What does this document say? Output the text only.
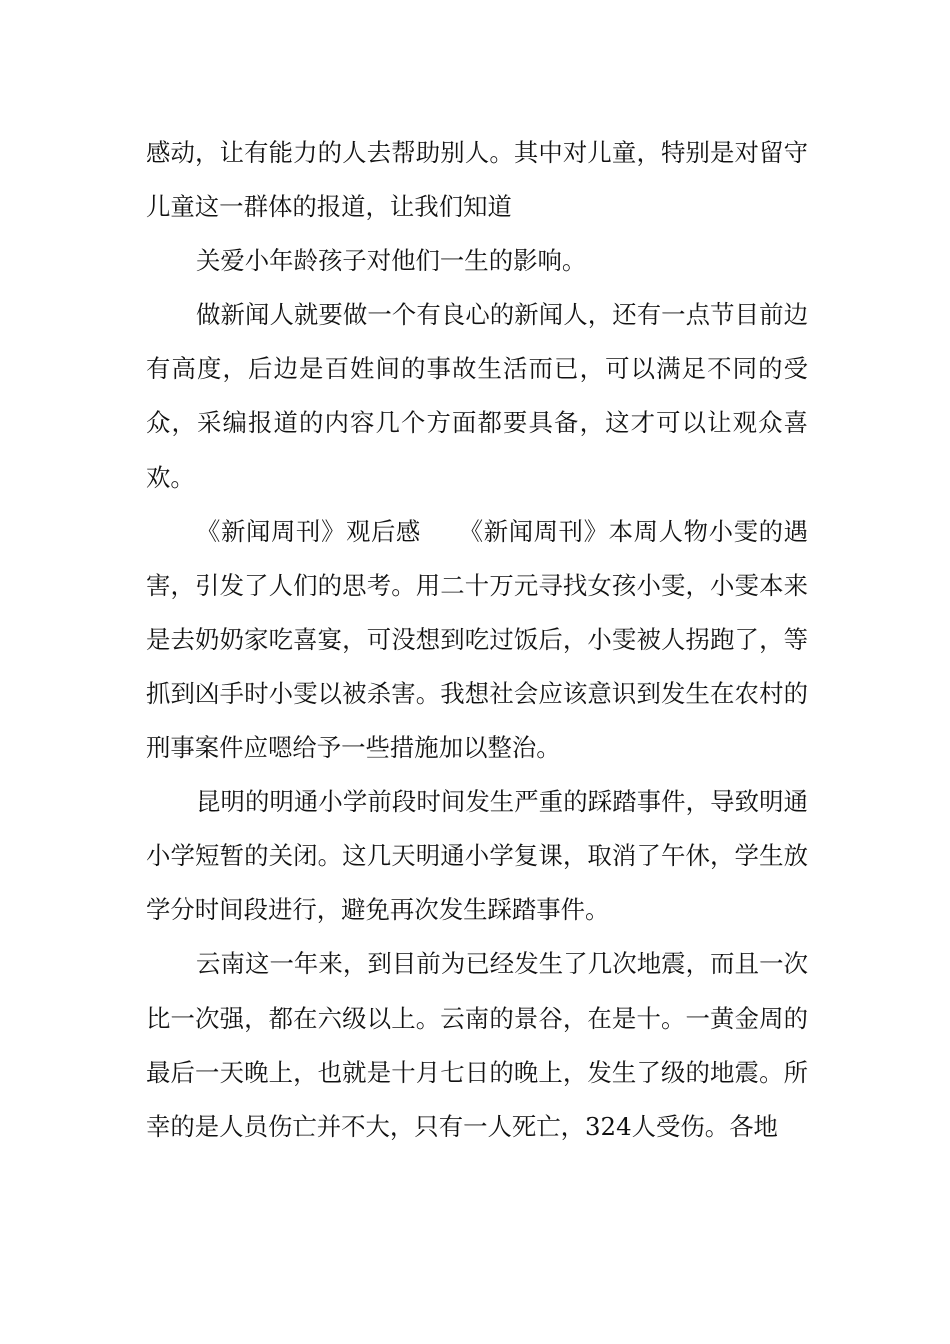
感动，让有能力的人去帮助别人。其中对儿童，特别是对留守儿童这一群体的报道，让我们知道

关爱小年龄孩子对他们一生的影响。

做新闻人就要做一个有良心的新闻人，还有一点节目前边有高度，后边是百姓间的事故生活而已，可以满足不同的受众，采编报道的内容几个方面都要具备，这才可以让观众喜欢。

《新闻周刊》观后感　　《新闻周刊》本周人物小雯的遇害，引发了人们的思考。用二十万元寻找女孩小雯，小雯本来是去奶奶家吃喜宴，可没想到吃过饭后，小雯被人拐跑了，等抓到凶手时小雯以被杀害。我想社会应该意识到发生在农村的刑事案件应嗯给予一些措施加以整治。

昆明的明通小学前段时间发生严重的踩踏事件，导致明通小学短暂的关闭。这几天明通小学复课，取消了午休，学生放学分时间段进行，避免再次发生踩踏事件。

云南这一年来，到目前为已经发生了几次地震，而且一次比一次强，都在六级以上。云南的景谷，在是十。一黄金周的最后一天晚上，也就是十月七日的晚上，发生了级的地震。所幸的是人员伤亡并不大，只有一人死亡，324人受伤。各地
